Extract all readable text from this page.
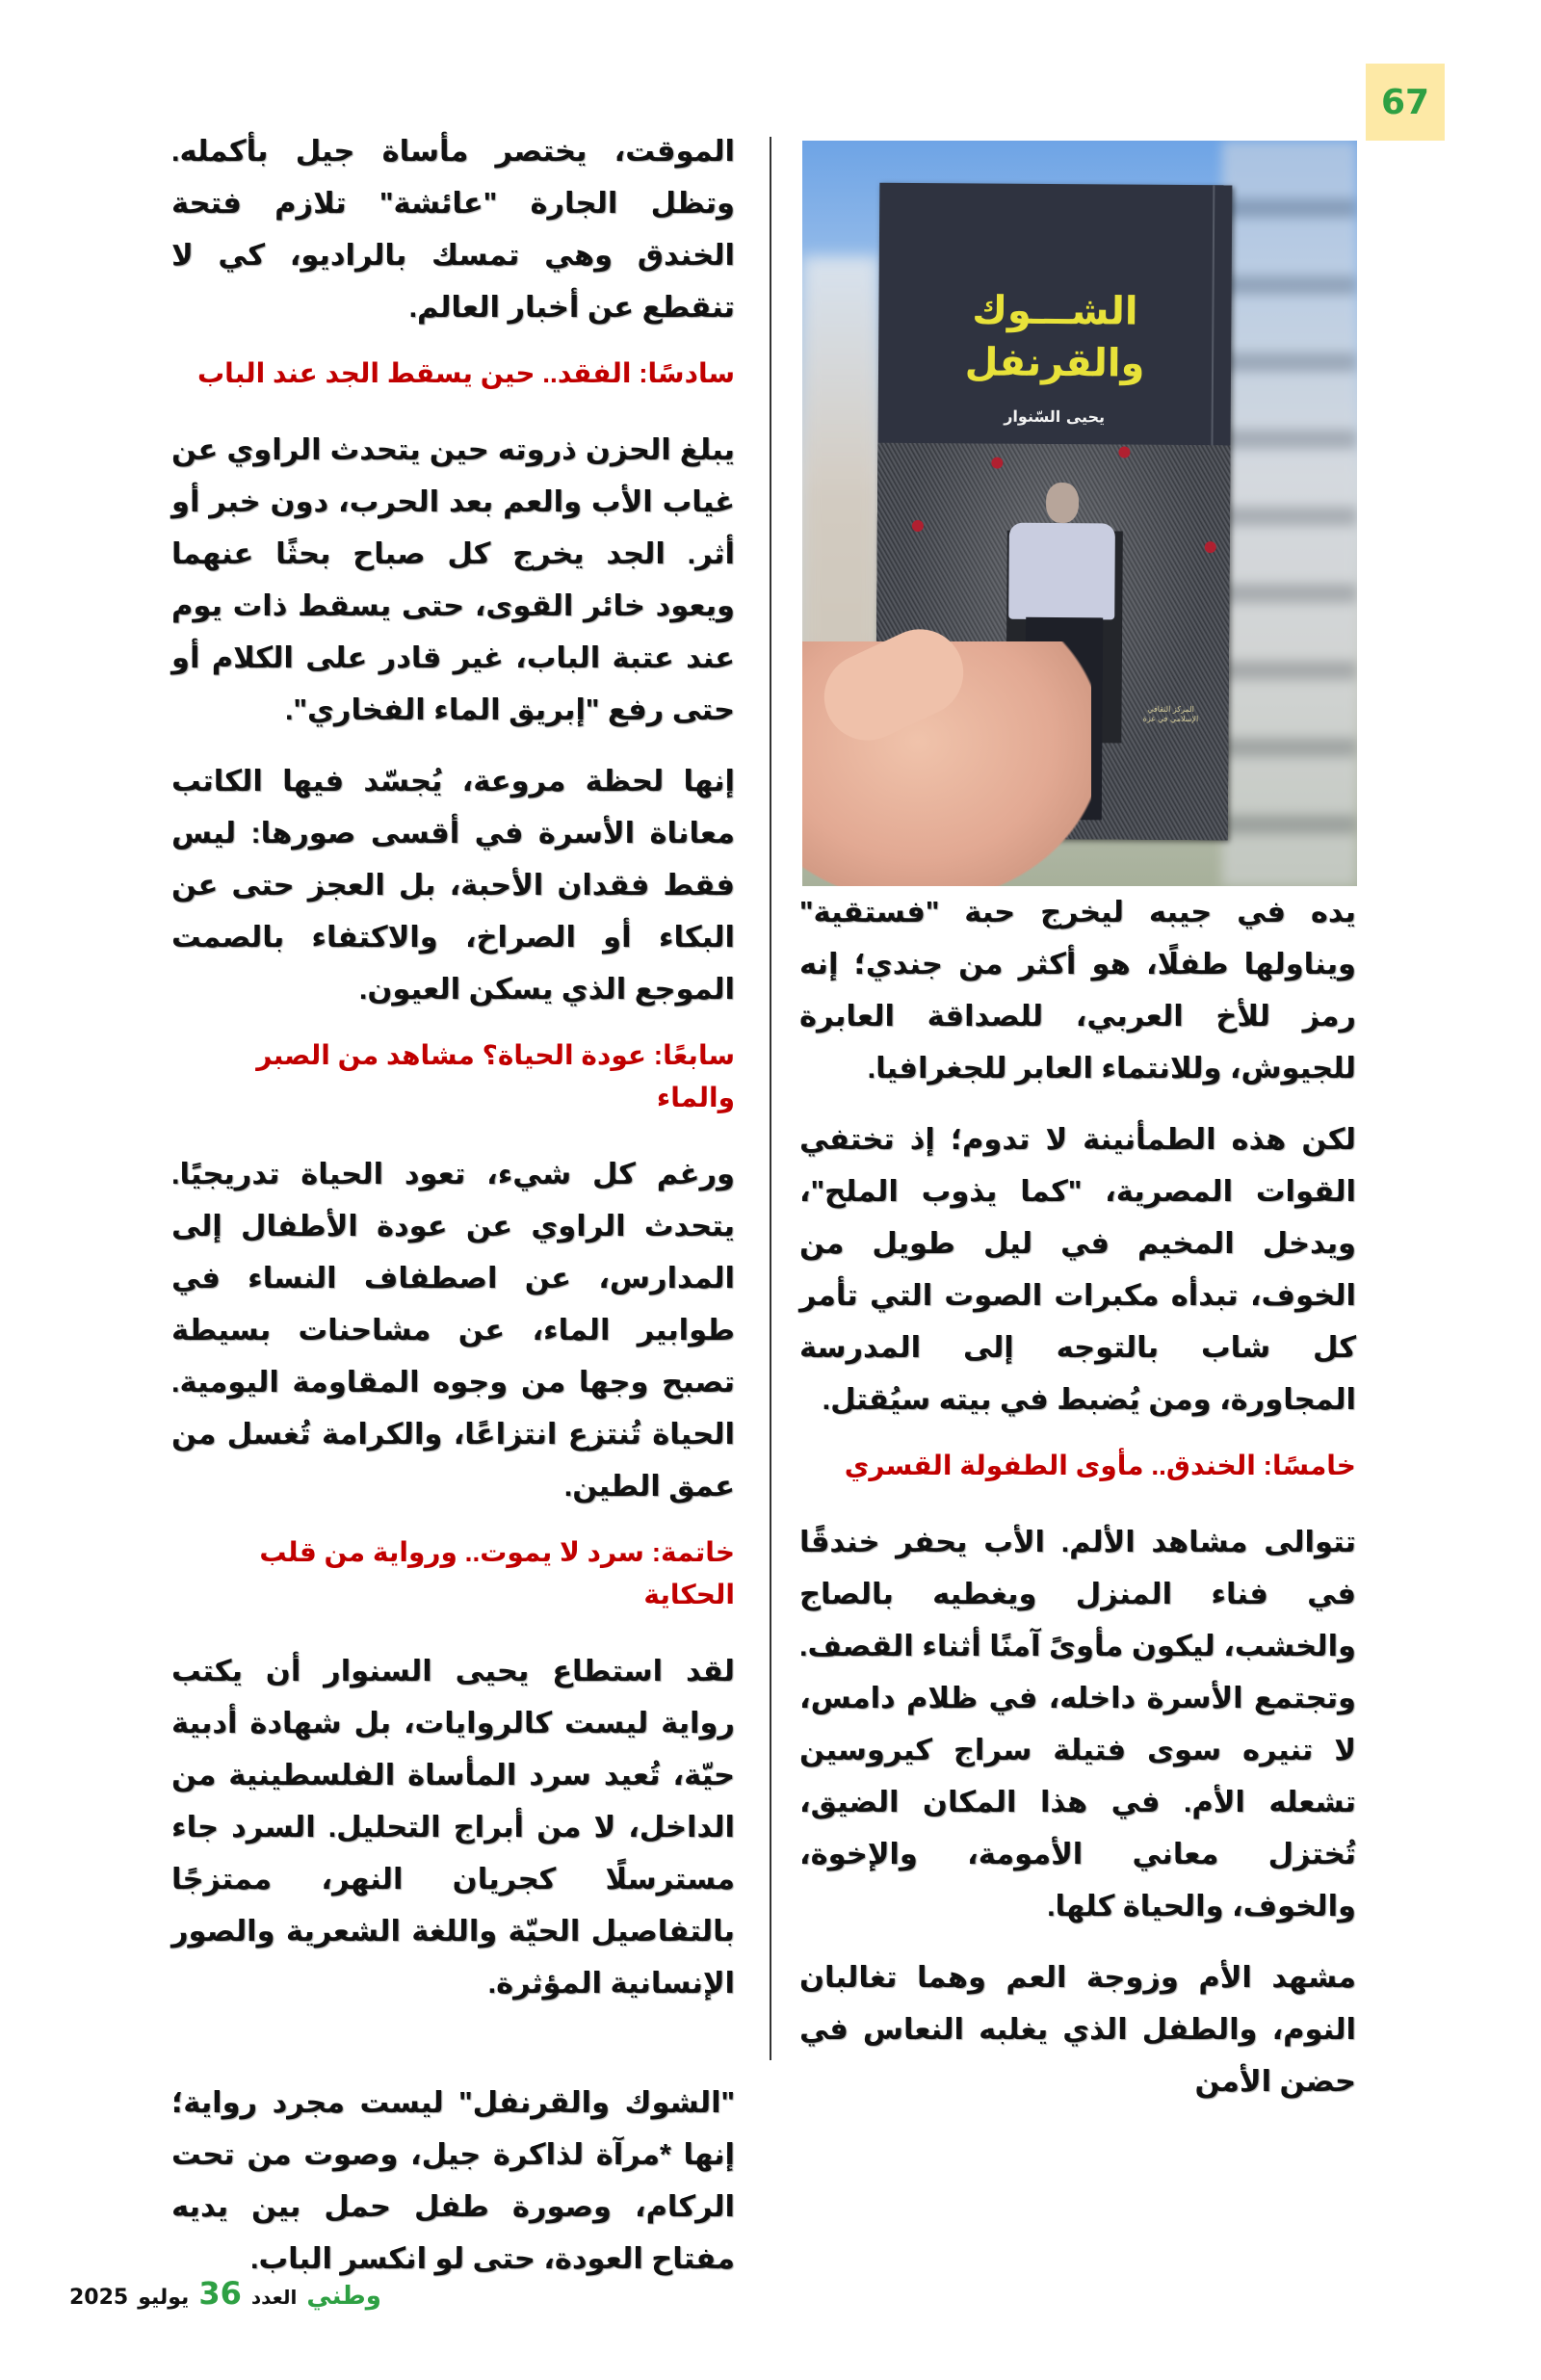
67
الشـــوك
والقرنفل
يحيى السّنوار
المركز الثقافي الإسلامي في غزة

الموقت، يختصر مأساة جيل بأكمله. وتظل الجارة "عائشة" تلازم فتحة الخندق وهي تمسك بالراديو، كي لا تنقطع عن أخبار العالم.

سادسًا: الفقد.. حين يسقط الجد عند الباب

يبلغ الحزن ذروته حين يتحدث الراوي عن غياب الأب والعم بعد الحرب، دون خبر أو أثر. الجد يخرج كل صباح بحثًا عنهما ويعود خائر القوى، حتى يسقط ذات يوم عند عتبة الباب، غير قادر على الكلام أو حتى رفع "إبريق الماء الفخاري".

إنها لحظة مروعة، يُجسّد فيها الكاتب معاناة الأسرة في أقسى صورها: ليس فقط فقدان الأحبة، بل العجز حتى عن البكاء أو الصراخ، والاكتفاء بالصمت الموجع الذي يسكن العيون.

سابعًا: عودة الحياة؟ مشاهد من الصبر والماء

ورغم كل شيء، تعود الحياة تدريجيًا. يتحدث الراوي عن عودة الأطفال إلى المدارس، عن اصطفاف النساء في طوابير الماء، عن مشاحنات بسيطة تصبح وجها من وجوه المقاومة اليومية. الحياة تُنتزع انتزاعًا، والكرامة تُغسل من عمق الطين.

خاتمة: سرد لا يموت.. ورواية من قلب الحكاية

لقد استطاع يحيى السنوار أن يكتب رواية ليست كالروايات، بل شهادة أدبية حيّة، تُعيد سرد المأساة الفلسطينية من الداخل، لا من أبراج التحليل. السرد جاء مسترسلًا كجريان النهر، ممتزجًا بالتفاصيل الحيّة واللغة الشعرية والصور الإنسانية المؤثرة.

"الشوك والقرنفل" ليست مجرد رواية؛ إنها *مرآة لذاكرة جيل، وصوت من تحت الركام، وصورة طفل حمل بين يديه مفتاح العودة، حتى لو انكسر الباب.

يده في جيبه ليخرج حبة "فستقية" ويناولها طفلًا، هو أكثر من جندي؛ إنه رمز للأخ العربي، للصداقة العابرة للجيوش، وللانتماء العابر للجغرافيا.

لكن هذه الطمأنينة لا تدوم؛ إذ تختفي القوات المصرية، "كما يذوب الملح"، ويدخل المخيم في ليل طويل من الخوف، تبدأه مكبرات الصوت التي تأمر كل شاب بالتوجه إلى المدرسة المجاورة، ومن يُضبط في بيته سيُقتل.

خامسًا: الخندق.. مأوى الطفولة القسري

تتوالى مشاهد الألم. الأب يحفر خندقًا في فناء المنزل ويغطيه بالصاج والخشب، ليكون مأوىً آمنًا أثناء القصف. وتجتمع الأسرة داخله، في ظلام دامس، لا تنيره سوى فتيلة سراج كيروسين تشعله الأم. في هذا المكان الضيق، تُختزل معاني الأمومة، والإخوة، والخوف، والحياة كلها.

مشهد الأم وزوجة العم وهما تغالبان النوم، والطفل الذي يغلبه النعاس في حضن الأمن

وطني
العدد
36
يوليو
2025
